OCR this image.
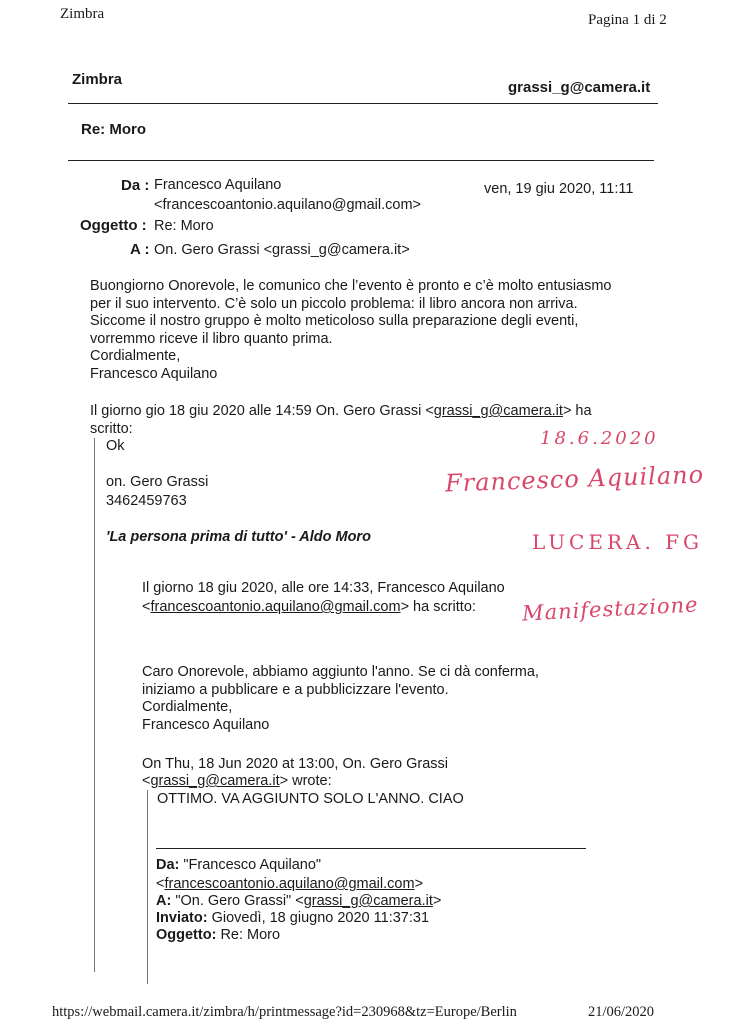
Zimbra	Pagina 1 di 2
Zimbra	grassi_g@camera.it
Re: Moro
Da : Francesco Aquilano
<francescoantonio.aquilano@gmail.com>
ven, 19 giu 2020, 11:11
Oggetto : Re: Moro
A : On. Gero Grassi <grassi_g@camera.it>
Buongiorno Onorevole, le comunico che l’evento è pronto e c’è molto entusiasmo
per il suo intervento. C’è solo un piccolo problema: il libro ancora non arriva.
Siccome il nostro gruppo è molto meticoloso sulla preparazione degli eventi,
vorremmo riceve il libro quanto prima.
Cordialmente,
Francesco Aquilano
Il giorno gio 18 giu 2020 alle 14:59 On. Gero Grassi <grassi_g@camera.it> ha
scritto:
Ok
on. Gero Grassi
3462459763
'La persona prima di tutto' - Aldo Moro
Il giorno 18 giu 2020, alle ore 14:33, Francesco Aquilano
<francescoantonio.aquilano@gmail.com> ha scritto:
Caro Onorevole, abbiamo aggiunto l'anno. Se ci dà conferma,
iniziamo a pubblicare e a pubblicizzare l'evento.
Cordialmente,
Francesco Aquilano
On Thu, 18 Jun 2020 at 13:00, On. Gero Grassi
<grassi_g@camera.it> wrote:
OTTIMO. VA AGGIUNTO SOLO L'ANNO. CIAO
Da: "Francesco Aquilano"
<francescoantonio.aquilano@gmail.com>
A: "On. Gero Grassi" <grassi_g@camera.it>
Inviato: Giovedì, 18 giugno 2020 11:37:31
Oggetto: Re: Moro
18.6.2020
Francesco Aquilano
LUCERA. FG
Manifestazione
https://webmail.camera.it/zimbra/h/printmessage?id=230968&tz=Europe/Berlin	21/06/2020
